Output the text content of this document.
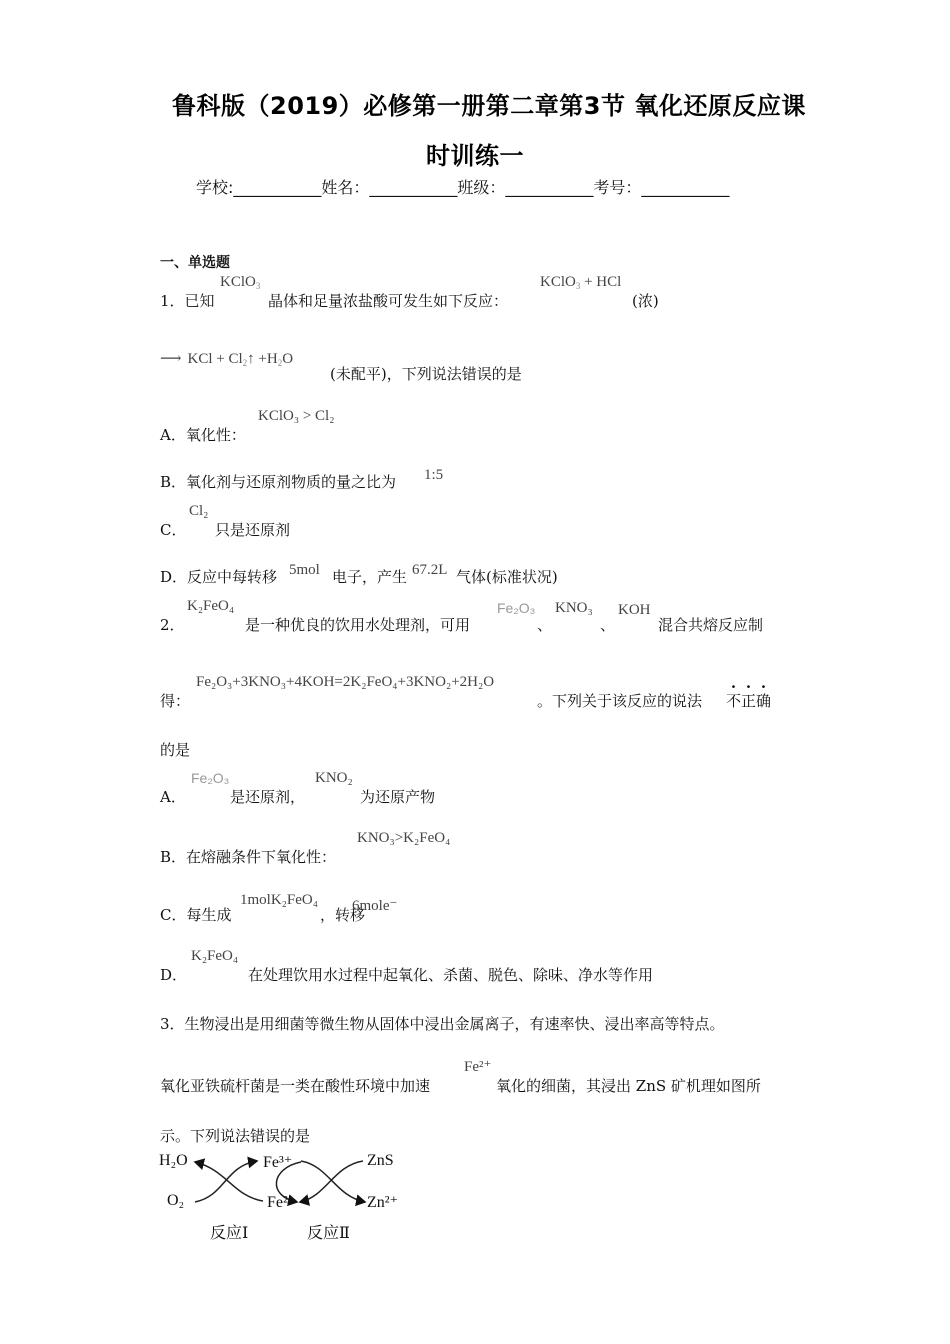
鲁科版（2019）必修第一册第二章第3节 氧化还原反应课
时训练一
学校:___________姓名：___________班级：___________考号：___________
一、单选题
1．已知
KClO$_3$
晶体和足量浓盐酸可发生如下反应：
KClO$_3$ + HCl
(浓)
⟶KCl + $Cl_2↑ +H_2O$
(未配平)，下列说法错误的是
A．氧化性：
KClO₃ > Cl₂
B．氧化剂与还原剂物质的量之比为 1:5
C．
Cl₂
只是还原剂
D．反应中每转移 5mol 电子，产生 67.2L 气体(标准状况)
2．
K₂FeO₄
是一种优良的饮用水处理剂，可用
Fe₂O₃
、
KNO₃
、
KOH
混合共熔反应制
得：
Fe₂O₃+3KNO₃+4KOH=2K₂FeO₄+3KNO₂+2H₂O
。下列关于该反应的说法 不正确
的是
A．
Fe₂O₃
是还原剂，
KNO₂
为还原产物
B．在熔融条件下氧化性：
KNO₃>K₂FeO₄
C．每生成
1molK₂FeO₄
，转移
6mole⁻
D．
K₂FeO₄
在处理饮用水过程中起氧化、杀菌、脱色、除味、净水等作用
3．生物浸出是用细菌等微生物从固体中浸出金属离子，有速率快、浸出率高等特点。
氧化亚铁硫杆菌是一类在酸性环境中加速
Fe²⁺
氧化的细菌，其浸出 ZnS 矿机理如图所
示。下列说法错误的是
H₂O
O₂
Fe³⁺
Fe²⁺
ZnS
Zn²⁺
反应Ⅰ	反应Ⅱ
